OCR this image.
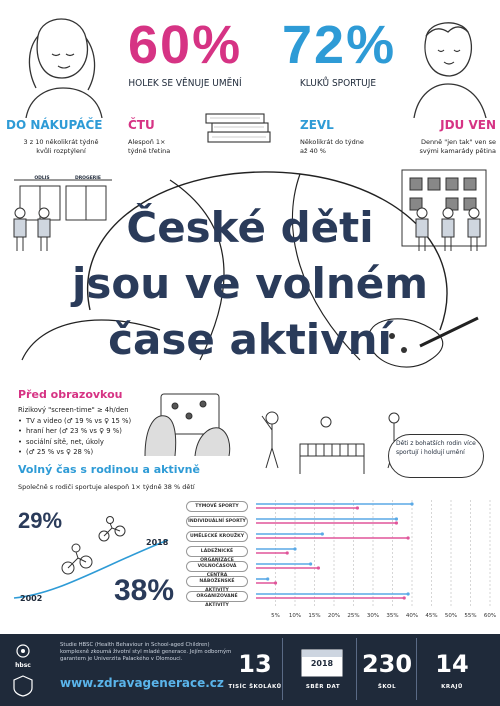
60%
HOLEK SE VĚNUJE UMĚNÍ
72%
KLUKŮ SPORTUJE
DO NÁKUPÁČE
3 z 10 několikrát týdně
kvůli rozptýlení
ČTU
Alespoň 1×
týdně třetina
ZEVL
Několikrát do týdne
až 40 %
JDU VEN
Denně "jen tak" ven se
svými kamarády pětina
ODLIS	DROGERIE
České děti
jsou ve volném
čase aktivní
Před obrazovkou
Rizikový "screen-time" ≥ 4h/den
• TV a video (♂ 19 % vs ♀ 15 %)
• hraní her (♂ 23 % vs ♀ 9 %)
• sociální sítě, net, úkoly
• (♂ 25 % vs ♀ 28 %)
Děti z bohatších rodin více sportují i holdují umění
Volný čas s rodinou a aktivně
Společně s rodiči sportuje alespoň 1× týdně 38 % dětí
29%
38%
2002
2018
TÝMOVÉ SPORTY
INDIVIDUÁLNÍ SPORTY
UMĚLECKÉ KROUŽKY
LÁDEŽNICKÉ
VOLNOČASOVÁ
NÁBOŽENSKÉ
ORGANIZOVANÉ AKTIVITY
5% 10% 15% 20% 25% 30% 35% 40% 45% 50% 55% 60%
hbsc
Studie HBSC (Health Behaviour in School-aged Children) komplexně zkoumá životní styl mladé generace. Jejím odborným garantem je Univerzita Palackého v Olomouci.
www.zdravagenerace.cz
13
TISÍC ŠKOLÁKŮ
2018
SBĚR DAT
230
ŠKOL
14
KRAJŮ
